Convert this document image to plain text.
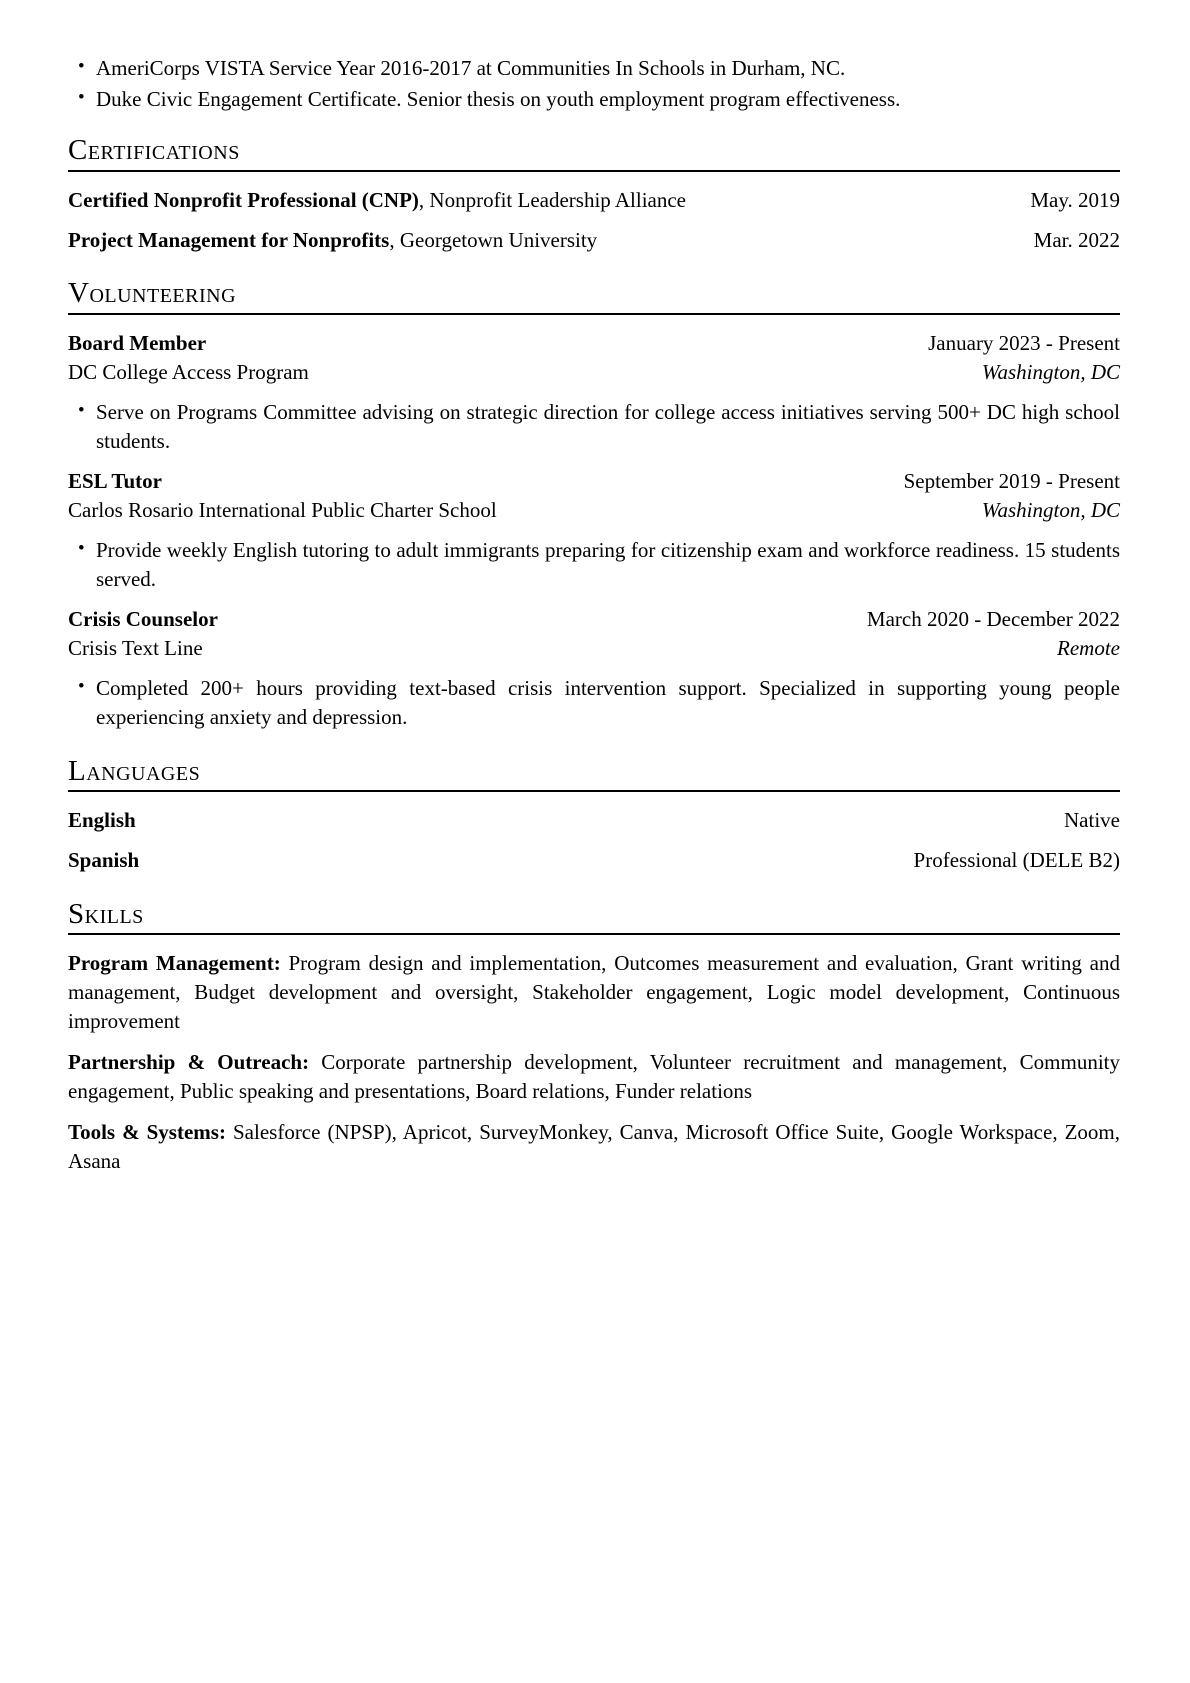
• AmeriCorps VISTA Service Year 2016-2017 at Communities In Schools in Durham, NC.
• Duke Civic Engagement Certificate. Senior thesis on youth employment program effectiveness.
Certifications
Certified Nonprofit Professional (CNP), Nonprofit Leadership Alliance	May. 2019
Project Management for Nonprofits, Georgetown University	Mar. 2022
Volunteering
Board Member	January 2023 - Present
DC College Access Program	Washington, DC
• Serve on Programs Committee advising on strategic direction for college access initiatives serving 500+ DC high school students.
ESL Tutor	September 2019 - Present
Carlos Rosario International Public Charter School	Washington, DC
• Provide weekly English tutoring to adult immigrants preparing for citizenship exam and workforce readiness. 15 students served.
Crisis Counselor	March 2020 - December 2022
Crisis Text Line	Remote
• Completed 200+ hours providing text-based crisis intervention support. Specialized in supporting young people experiencing anxiety and depression.
Languages
English	Native
Spanish	Professional (DELE B2)
Skills

Program Management: Program design and implementation, Outcomes measurement and evaluation, Grant writing and management, Budget development and oversight, Stakeholder engagement, Logic model development, Continuous improvement

Partnership & Outreach: Corporate partnership development, Volunteer recruitment and management, Community engagement, Public speaking and presentations, Board relations, Funder relations

Tools & Systems: Salesforce (NPSP), Apricot, SurveyMonkey, Canva, Microsoft Office Suite, Google Workspace, Zoom, Asana
